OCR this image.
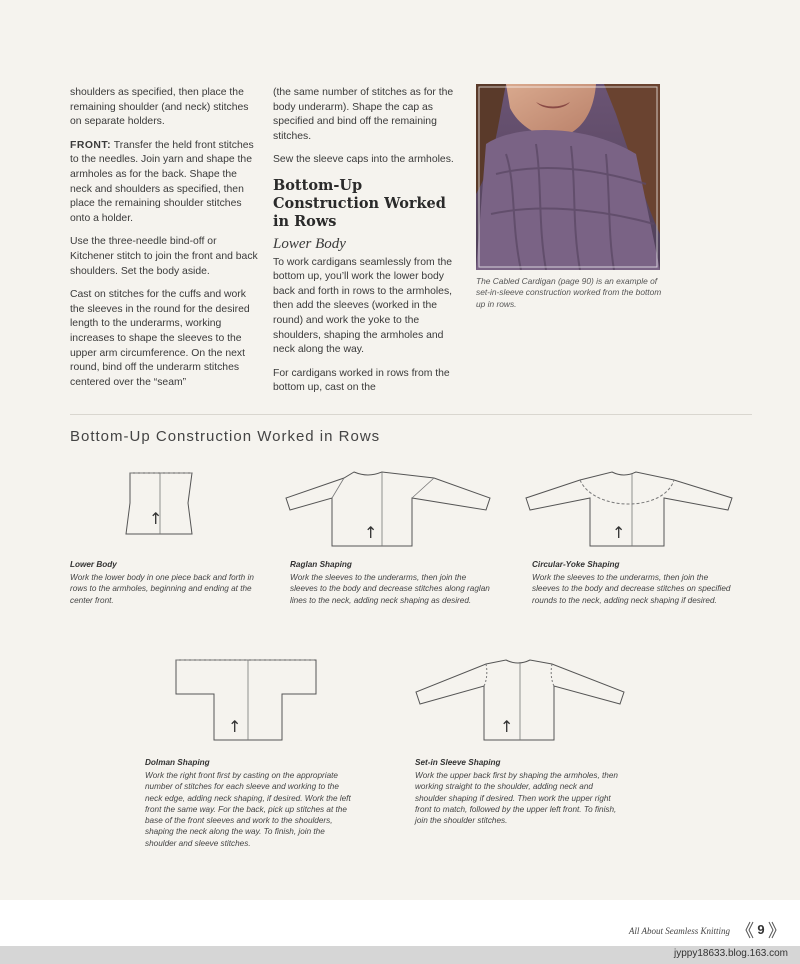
shoulders as specified, then place the remaining shoulder (and neck) stitches on separate holders.

FRONT: Transfer the held front stitches to the needles. Join yarn and shape the armholes as for the back. Shape the neck and shoulders as specified, then place the remaining shoulder stitches onto a holder.

Use the three-needle bind-off or Kitchener stitch to join the front and back shoulders. Set the body aside.

Cast on stitches for the cuffs and work the sleeves in the round for the desired length to the underarms, working increases to shape the sleeves to the upper arm circumference. On the next round, bind off the underarm stitches centered over the “seam”

(the same number of stitches as for the body underarm). Shape the cap as specified and bind off the remaining stitches.

Sew the sleeve caps into the armholes.

Bottom-Up Construction Worked in Rows
Lower Body

To work cardigans seamlessly from the bottom up, you’ll work the lower body back and forth in rows to the armholes, then add the sleeves (worked in the round) and work the yoke to the shoulders, shaping the armholes and neck along the way.

For cardigans worked in rows from the bottom up, cast on the

The Cabled Cardigan (page 90) is an example of set-in-sleeve construction worked from the bottom up in rows.
Bottom-Up Construction Worked in Rows
↑
Lower Body
Work the lower body in one piece back and forth in rows to the armholes, beginning and ending at the center front.
↑
Raglan Shaping
Work the sleeves to the underarms, then join the sleeves to the body and decrease stitches along raglan lines to the neck, adding neck shaping as desired.
↑
Circular-Yoke Shaping
Work the sleeves to the underarms, then join the sleeves to the body and decrease stitches on specified rounds to the neck, adding neck shaping if desired.
↑
Dolman Shaping
Work the right front first by casting on the appropriate number of stitches for each sleeve and working to the neck edge, adding neck shaping, if desired. Work the left front the same way. For the back, pick up stitches at the base of the front sleeves and work to the shoulders, shaping the neck along the way. To finish, join the shoulder and sleeve stitches.
↑
Set-in Sleeve Shaping
Work the upper back first by shaping the armholes, then working straight to the shoulder, adding neck and shoulder shaping if desired. Then work the upper right front to match, followed by the upper left front. To finish, join the shoulder stitches.
All About Seamless Knitting	9
jyppy18633.blog.163.com
